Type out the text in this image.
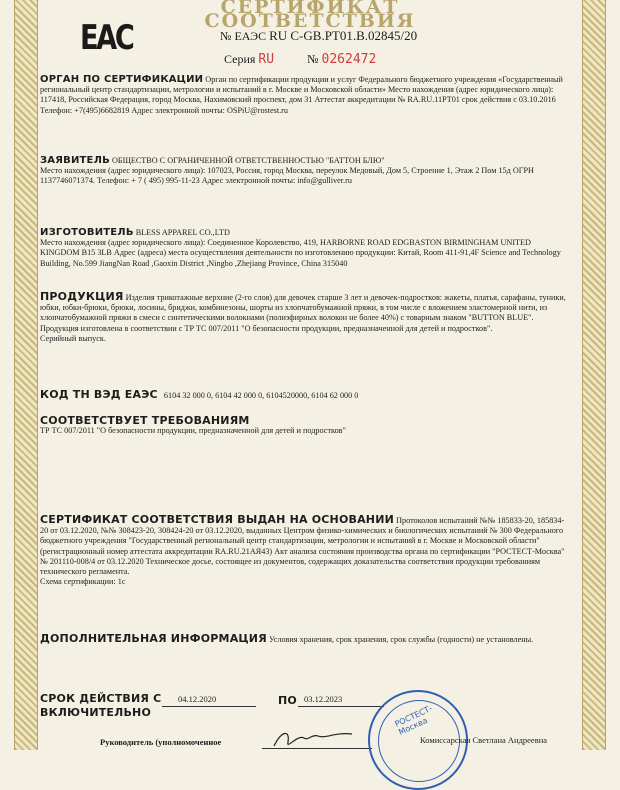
СЕРТИФИКАТ СООТВЕТСТВИЯ
ЕАС	№ ЕАЭС RU C-GB.PT01.B.02845/20
Серия RU	№ 0262472
ОРГАН ПО СЕРТИФИКАЦИИ Орган по сертификации продукции и услуг Федерального бюджетного учреждения «Государственный региональный центр стандартизации, метрологии и испытаний в г. Москве и Московской области» Место нахождения (адрес юридического лица): 117418, Российская Федерация, город Москва, Нахимовский проспект, дом 31 Аттестат аккредитации № RA.RU.11PT01 срок действия с 03.10.2016 Телефон: +7(495)6682819 Адрес электронной почты: OSPiU@rostest.ru
ЗАЯВИТЕЛЬ ОБЩЕСТВО С ОГРАНИЧЕННОЙ ОТВЕТСТВЕННОСТЬЮ "БАТТОН БЛЮ"
Место нахождения (адрес юридического лица): 107023, Россия, город Москва, переулок Медовый, Дом 5, Строение 1, Этаж 2 Пом 15д ОГРН 1137746071374. Телефон: + 7 ( 495) 995-11-23 Адрес электронной почты: info@gulliver.ru
ИЗГОТОВИТЕЛЬ BLESS APPAREL CO.,LTD
Место нахождения (адрес юридического лица): Соединенное Королевство, 419, HARBORNE ROAD EDGBASTON BIRMINGHAM UNITED KINGDOM B15 3LB Адрес (адреса) места осуществления деятельности по изготовлению продукции: Китай, Room 411-91,4F Science and Technology Building, No.599 JiangNan Road ,Gaoxin District ,Ningbo ,Zhejiang Province, China 315040
ПРОДУКЦИЯ Изделия трикотажные верхние (2-го слоя) для девочек старше 3 лет и девочек-подростков: жакеты, платья, сарафаны, туники, юбки, юбки-брюки, брюки, лосины, бриджи, комбинезоны, шорты из хлопчатобумажной пряжи, в том числе с вложением эластомерной нити, из хлопчатобумажной пряжи в смеси с синтетическими волокнами (полиэфирных волокон не более 40%) с товарным знаком "BUTTON BLUE". Продукция изготовлена в соответствии с ТР ТС 007/2011 "О безопасности продукции, предназначенной для детей и подростков".
Серийный выпуск.
КОД ТН ВЭД ЕАЭС 6104 32 000 0, 6104 42 000 0, 6104520000, 6104 62 000 0
СООТВЕТСТВУЕТ ТРЕБОВАНИЯМ
ТР ТС 007/2011 "О безопасности продукции, предназначенной для детей и подростков"
СЕРТИФИКАТ СООТВЕТСТВИЯ ВЫДАН НА ОСНОВАНИИ Протоколов испытаний №№ 185833-20, 185834-20 от 03.12.2020, №№ 308423-20, 308424-20 от 03.12.2020, выданных Центром физико-химических и биологических испытаний № 300 Федерального бюджетного учреждения "Государственный региональный центр стандартизации, метрологии и испытаний в г. Москве и Московской области" (регистрационный номер аттестата аккредитации RA.RU.21AЯ43) Акт анализа состояния производства органа по сертификации "РОСТЕСТ-Москва" № 201110-008/4 от 03.12.2020 Техническое досье, состоящее из документов, содержащих доказательства соответствия продукции требованиям технического регламента.
Схема сертификации: 1с
ДОПОЛНИТЕЛЬНАЯ ИНФОРМАЦИЯ Условия хранения, срок хранения, срок службы (годности) не установлены.
СРОК ДЕЙСТВИЯ С
ВКЛЮЧИТЕЛЬНО
04.12.2020	ПО 03.12.2023
Руководитель (уполномоченное
РОСТЕСТ-Москва
Комиссарская Светлана Андреевна
